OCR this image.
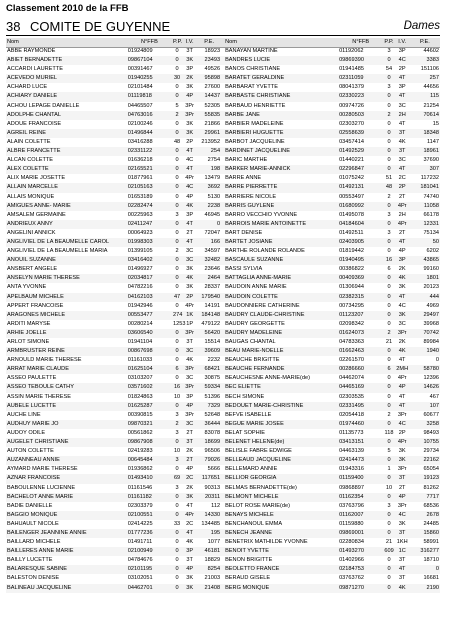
Classement 2010 de la FFB
38 COMITE DE GUYENNE	Dames
Nom	N°FFB	P.P.	I.V.	P.E.	Nom	N°FFB	P.P.	I.V.	P.E.
ABBE RAYMONDE	01924809	0	3T	18923	BANAYAN MARTINE	01192062	3	3P	44602
ABIET BERNADETTE	09867104	0	3K	23493	BANDRES LUCIE	09869390	0	4C	3383
ACCARDI LAURETTE	00391467	0	3P	49526	BANOS CHRISTIANE	01941485	54	2P	151106
ACEVEDO MURIEL	01940255	30	2K	95898	BARATET GERALDINE	02311059	0	4T	257
ACHARD LUCE	02101484	0	3K	27600	BARBARAT YVETTE	08041379	3	3P	44656
ACHIARY DANIELE	01119818	0	4P	14437	BARBASTE CHRISTIANE	02330223	0	4T	115
ACHOU LEPAGE DANIELLE	04465507	5	3Pr	52305	BARBAUD HENRIETTE	00974726	0	3C	21254
ADOLPHE CHANTAL	04763016	2	3Pr	55835	BARBE JANE	00280503	2	2H	70614
ADOUE FRANCOISE	02100246	0	3K	21866	BARBIER MADELEINE	02303270	0	4T	15
AGREIL REINE	01496844	0	3K	29961	BARBIERI HUGUETTE	02558639	0	3T	18348
ALAIN COLETTE	03416288	48	2P	213952	BARBOT JACQUELINE	03457414	0	4K	1147
ALBRE FRANCETTE	02331122	0	4T	254	BARDINET JACQUELINE	01492529	0	3T	18961
ALCAN COLETTE	01636218	0	4C	2754	BARIC MARTHE	01440221	0	3C	37690
ALEX COLETTE	02165521	0	4T	198	BARKER MARIE-ANNICK	02296847	0	4T	307
ALIX MARIE JOSETTE	01877961	0	4Pr	13479	BARRE ANNE	01075242	51	2C	117232
ALLAIN MARCELLE	02105163	0	4C	3692	BARRE PIERRETTE	01492131	48	2P	181041
ALLAIS MONIQUE	01653189	0	4P	5130	BARRIERE NICOLE	00553497	2	2T	74740
AMIGUES ANNE- MARIE	02282474	0	4K	2238	BARRIS GUYLENE	01680992	0	4Pr	11058
AMSALEM GERMAINE	00225963	3	3P	46945	BARRO VECCHIO YVONNE	01495078	3	2H	66178
ANDRIEUX ANNY	02411247	0	4T	0	BARROIS MARIE ANTOINETTE	04184604	0	4Pr	12331
ANGELINI ANNICK	00064923	0	2T	72047	BART DENISE	01492511	3	2T	75134
ANGLIVIEL DE LA BEAUMELLE CAROL	01998303	0	4T	166	BARTET JOSIANE	02403905	0	4T	50
ANGLIVIEL DE LA BEAUMELLE MARIA	01399105	2	3C	34597	BARTHE ROLANDE ROLANDE	01819442	0	4P	6202
ANOUIL SUZANNE	03416402	0	3C	32482	BASCAULE SUZANNE	01940495	16	3P	43865
ANSBERT ANGELE	01496927	0	3K	23646	BASSI SYLVIA	00386822	6	2K	99160
ANSELYN MARIE THERESE	02034817	0	4K	2464	BATTAGLIA ANNE-MARIE	00409369	0	4K	1801
ANTA YVONNE	04782216	0	3K	28337	BAUDOIN ANNE MARIE	01306944	0	3K	20123
APELBAUM MICHELE	04162103	47	2P	179540	BAUDOIN COLETTE	02382315	0	4T	444
APPERT FRANCOISE	01942946	0	4Pr	14191	BAUDONNIERE CATHERINE	00734295	0	4C	4969
ARAGONES MICHELE	00553477	274	1K	184148	BAUDRY CLAUDE-CHRISTINE	01123207	0	3K	29497
ARDITI MARYSE	00280214	1253	1P	479122	BAUDRY GEORGETTE	02098342	0	3C	39968
ARHIE JOELLE	03606540	0	3Pr	56420	BAUDRY MADELEINE	01624073	2	3Pr	70742
ARLOT SIMONE	01941104	0	3T	15514	BAUGAS CHANTAL	04783363	21	2K	89984
ARMBRUSTER REINE	00867698	0	3C	39609	BEAU MARIE-NOELLE	01662463	0	4K	1940
ARNOULD MARIE THERESE	01161033	0	4K	2232	BEAUCHE BRIGITTE	02261570	0	4T	0
ARRAT MARIE CLAUDE	01625104	6	3Pr	68421	BEAUCHE FERNANDE	00286660	6	2MH	58780
ASSEO PAULETTE	03103207	0	3C	30875	BEAUCHESNE ANNE-MARIE(de)	04462074	0	4Pr	12396
ASSEO TEBOULE CATHY	03571602	16	3Pr	59334	BEC ELIETTE	04465169	0	4P	14626
ASSIN MARIE THERESE	01824863	10	3P	51396	BECH SIMONE	02303535	0	4T	467
AUBELE LUCETTE	01625287	0	4P	7329	BEDOUET MARIE-CHRISTINE	02331495	0	4T	107
AUCHE LINE	00390815	3	3Pr	52648	BEFVE ISABELLE	02054418	2	3Pr	60677
AUDHUY MARIE JO	09870321	2	3C	36444	BEGUE MARIE JOSEE	01974460	0	4C	3258
AUDOY ODILE	00561862	3	2T	83078	BELAT SOPHIE	01135773	118	2P	98493
AUGELET CHRISTIANE	09867908	0	3T	18699	BELENET HELENE(de)	03413151	0	4Pr	10755
AUTON COLETTE	02419283	10	2K	96506	BELISLE FABRE EDWIGE	04463139	5	3K	29734
AUZANNEAU ANNIE	00645484	3	2T	79026	BELLEAUD JACQUELINE	02414473	0	3K	22162
AYMARD MARIE THERESE	01936862	0	4P	5666	BELLEMARD ANNIE	01943316	1	3Pr	65054
AZNAR FRANCOISE	01493410	69	2C	117651	BELLIOR GEORGIA	01159400	0	3T	19123
BABOULENNE LUCIENNE	01161546	3	2K	90313	BELMAS BERNADETTE(de)	09868897	10	2T	81262
BACHELOT ANNE MARIE	01161182	0	3K	20311	BELMONT MICHELE	01162354	0	4P	7717
BADIE DANIELLE	02303379	0	4T	112	BELOT ROSE MARIE(de)	03763796	3	3Pr	68536
BAGGIO MONIQUE	02100551	0	4Pr	14330	BENAYS MICHELE	01162007	0	4C	2678
BAHUAULT NICOLE	02414225	33	2C	134485	BENCHANOUL EMMA	01159880	0	3K	24485
BAILENGER JEANNINE ANNIE	01777236	0	4T	195	BENECH JEANNE	09869001	0	3T	15860
BAILLARD MICHELE	01491711	0	4K	1077	BENETRIX MATHILDE YVONNE	02280834	21	1KH	58991
BAILLERES ANNE MARIE	02100949	0	3P	46181	BENOIT YVETTE	01493270	609	1C	316277
BAILLY LUCETTE	04784676	0	3T	18829	BENON BRIGITTE	01402966	0	3T	18710
BALARESQUE SABINE	02101195	0	4P	8254	BEOLETTO FRANCE	02184753	0	4T	0
BALESTON DENISE	03102051	0	3K	21003	BERAUD GISELE	03763762	0	3T	16681
BALINEAU JACQUELINE	04462701	0	3K	21408	BERG MONIQUE	09871270	0	4K	2190
